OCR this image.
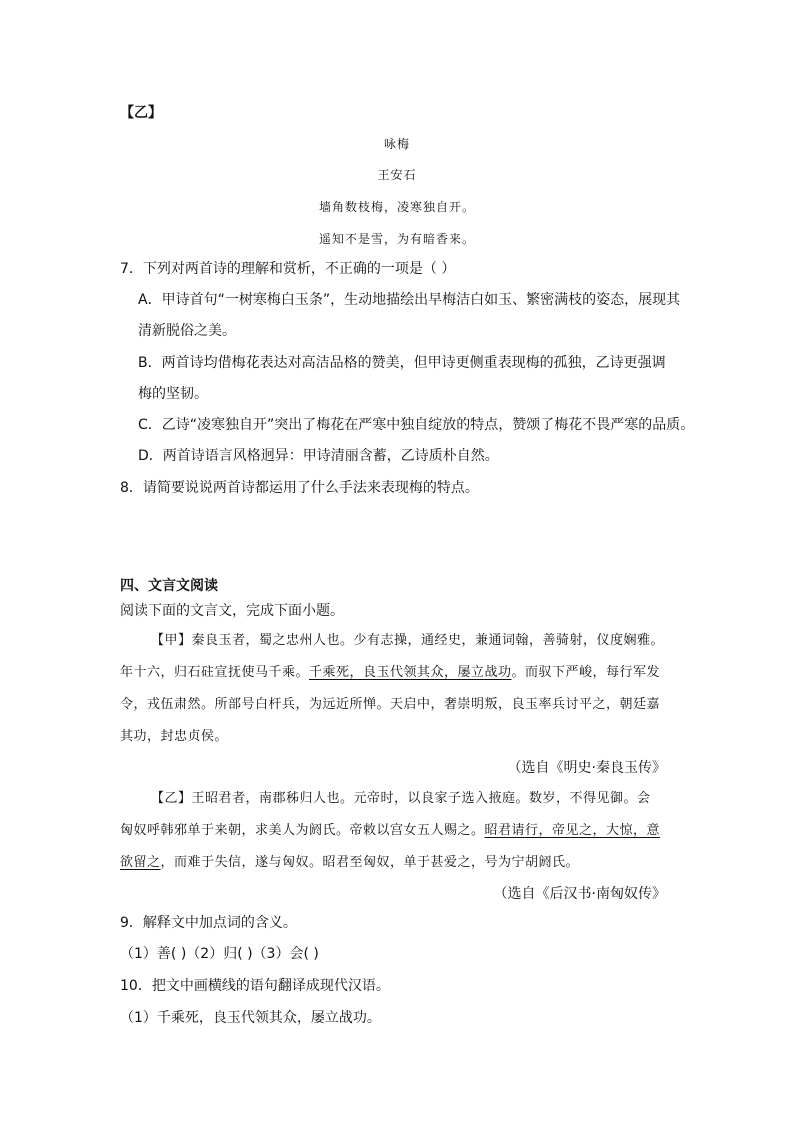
【乙】
咏梅
王安石
墙角数枝梅，凌寒独自开。
遥知不是雪，为有暗香来。
7．下列对两首诗的理解和赏析，不正确的一项是（ ）
A．甲诗首句“一树寒梅白玉条”，生动地描绘出早梅洁白如玉、繁密满枝的姿态，展现其
清新脱俗之美。
B．两首诗均借梅花表达对高洁品格的赞美，但甲诗更侧重表现梅的孤独，乙诗更强调
梅的坚韧。
C．乙诗“凌寒独自开”突出了梅花在严寒中独自绽放的特点，赞颂了梅花不畏严寒的品质。
D．两首诗语言风格迥异：甲诗清丽含蓄，乙诗质朴自然。
8．请简要说说两首诗都运用了什么手法来表现梅的特点。
四、文言文阅读
阅读下面的文言文，完成下面小题。
【甲】秦良玉者，蜀之忠州人也。少有志操，通经史，兼通词翰，善骑射，仪度娴雅。
年十六，归石砫宣抚使马千乘。千乘死，良玉代领其众，屡立战功。而驭下严峻，每行军发
令，戎伍肃然。所部号白杆兵，为远近所惮。天启中，奢崇明叛，良玉率兵讨平之，朝廷嘉
其功，封忠贞侯。
（选自《明史·秦良玉传》
【乙】王昭君者，南郡秭归人也。元帝时，以良家子选入掖庭。数岁，不得见御。会
匈奴呼韩邪单于来朝，求美人为阏氏。帝敕以宫女五人赐之。昭君请行，帝见之，大惊，意
欲留之，而难于失信，遂与匈奴。昭君至匈奴，单于甚爱之，号为宁胡阏氏。
（选自《后汉书·南匈奴传》
9．解释文中加点词的含义。
（1）善( )（2）归( )（3）会( )
10．把文中画横线的语句翻译成现代汉语。
（1）千乘死，良玉代领其众，屡立战功。
